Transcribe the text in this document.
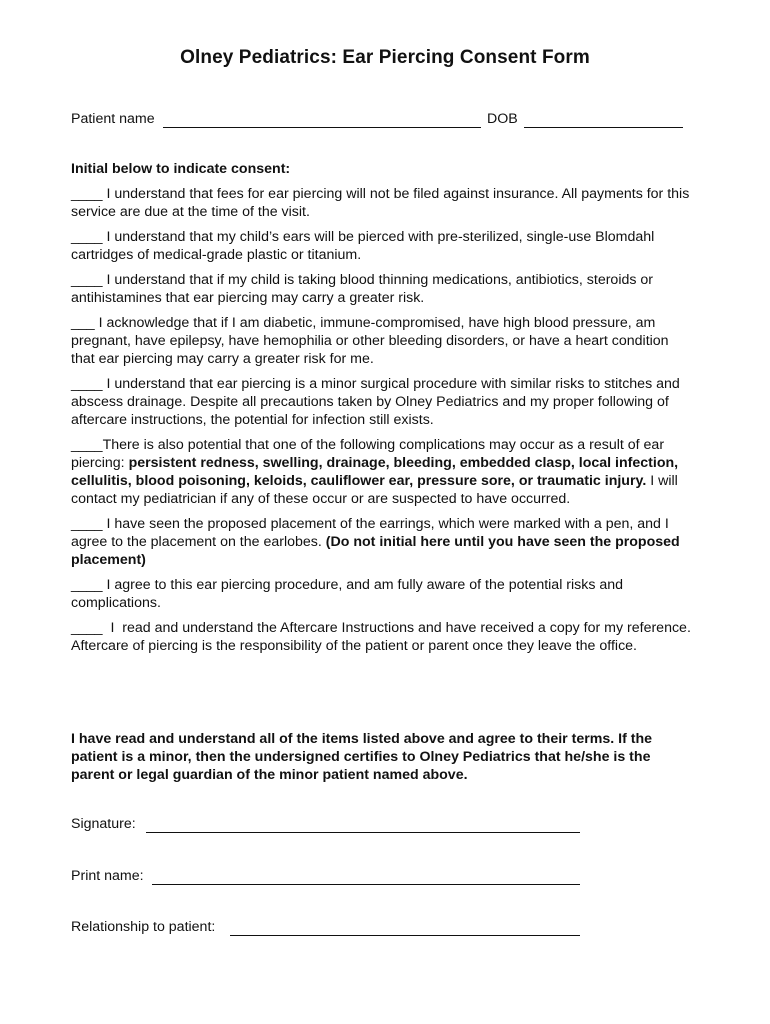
Olney Pediatrics: Ear Piercing Consent Form
Patient name	DOB
Initial below to indicate consent:
____ I understand that fees for ear piercing will not be filed against insurance. All payments for this service are due at the time of the visit.
____ I understand that my child’s ears will be pierced with pre-sterilized, single-use Blomdahl cartridges of medical-grade plastic or titanium.
____ I understand that if my child is taking blood thinning medications, antibiotics, steroids or antihistamines that ear piercing may carry a greater risk.
___ I acknowledge that if I am diabetic, immune-compromised, have high blood pressure, am pregnant, have epilepsy, have hemophilia or other bleeding disorders, or have a heart condition that ear piercing may carry a greater risk for me.
____ I understand that ear piercing is a minor surgical procedure with similar risks to stitches and abscess drainage. Despite all precautions taken by Olney Pediatrics and my proper following of aftercare instructions, the potential for infection still exists.
____There is also potential that one of the following complications may occur as a result of ear piercing: persistent redness, swelling, drainage, bleeding, embedded clasp, local infection, cellulitis, blood poisoning, keloids, cauliflower ear, pressure sore, or traumatic injury. I will contact my pediatrician if any of these occur or are suspected to have occurred.
____ I have seen the proposed placement of the earrings, which were marked with a pen, and I agree to the placement on the earlobes. (Do not initial here until you have seen the proposed placement)
____ I agree to this ear piercing procedure, and am fully aware of the potential risks and complications.
____  I  read and understand the Aftercare Instructions and have received a copy for my reference. Aftercare of piercing is the responsibility of the patient or parent once they leave the office.
I have read and understand all of the items listed above and agree to their terms. If the patient is a minor, then the undersigned certifies to Olney Pediatrics that he/she is the parent or legal guardian of the minor patient named above.
Signature:
Print name:
Relationship to patient:
